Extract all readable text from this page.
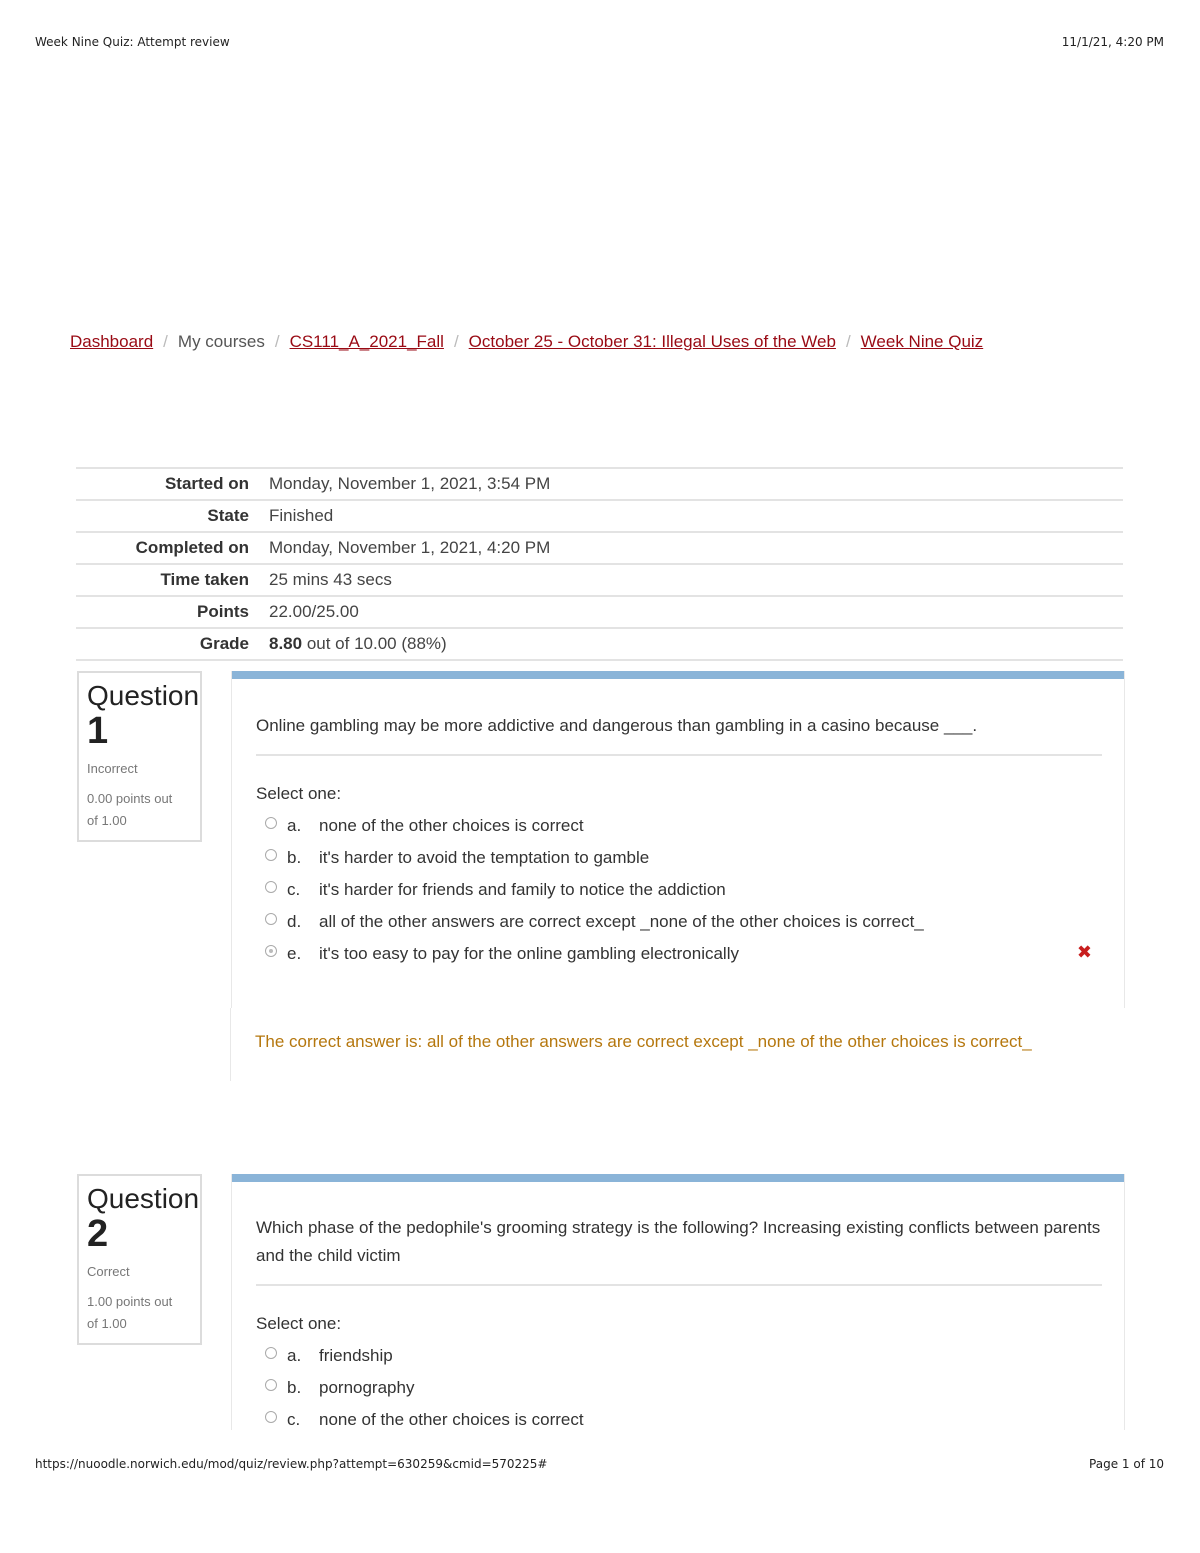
Week Nine Quiz: Attempt review	11/1/21, 4:20 PM
Dashboard / My courses / CS111_A_2021_Fall / October 25 - October 31: Illegal Uses of the Web / Week Nine Quiz
Started on	Monday, November 1, 2021, 3:54 PM
State	Finished
Completed on	Monday, November 1, 2021, 4:20 PM
Time taken	25 mins 43 secs
Points	22.00/25.00
Grade	8.80 out of 10.00 (88%)
Question
1
Incorrect
0.00 points out
of 1.00
Online gambling may be more addictive and dangerous than gambling in a casino because ___.
Select one:
a.	none of the other choices is correct
b.	it's harder to avoid the temptation to gamble
c.	it's harder for friends and family to notice the addiction
d.	all of the other answers are correct except _none of the other choices is correct_
e.	it's too easy to pay for the online gambling electronically	✖
The correct answer is: all of the other answers are correct except _none of the other choices is correct_
Question
2
Correct
1.00 points out
of 1.00
Which phase of the pedophile's grooming strategy is the following? Increasing existing conflicts between parents and the child victim
Select one:
a.	friendship
b.	pornography
c.	none of the other choices is correct
https://nuoodle.norwich.edu/mod/quiz/review.php?attempt=630259&cmid=570225#	Page 1 of 10
